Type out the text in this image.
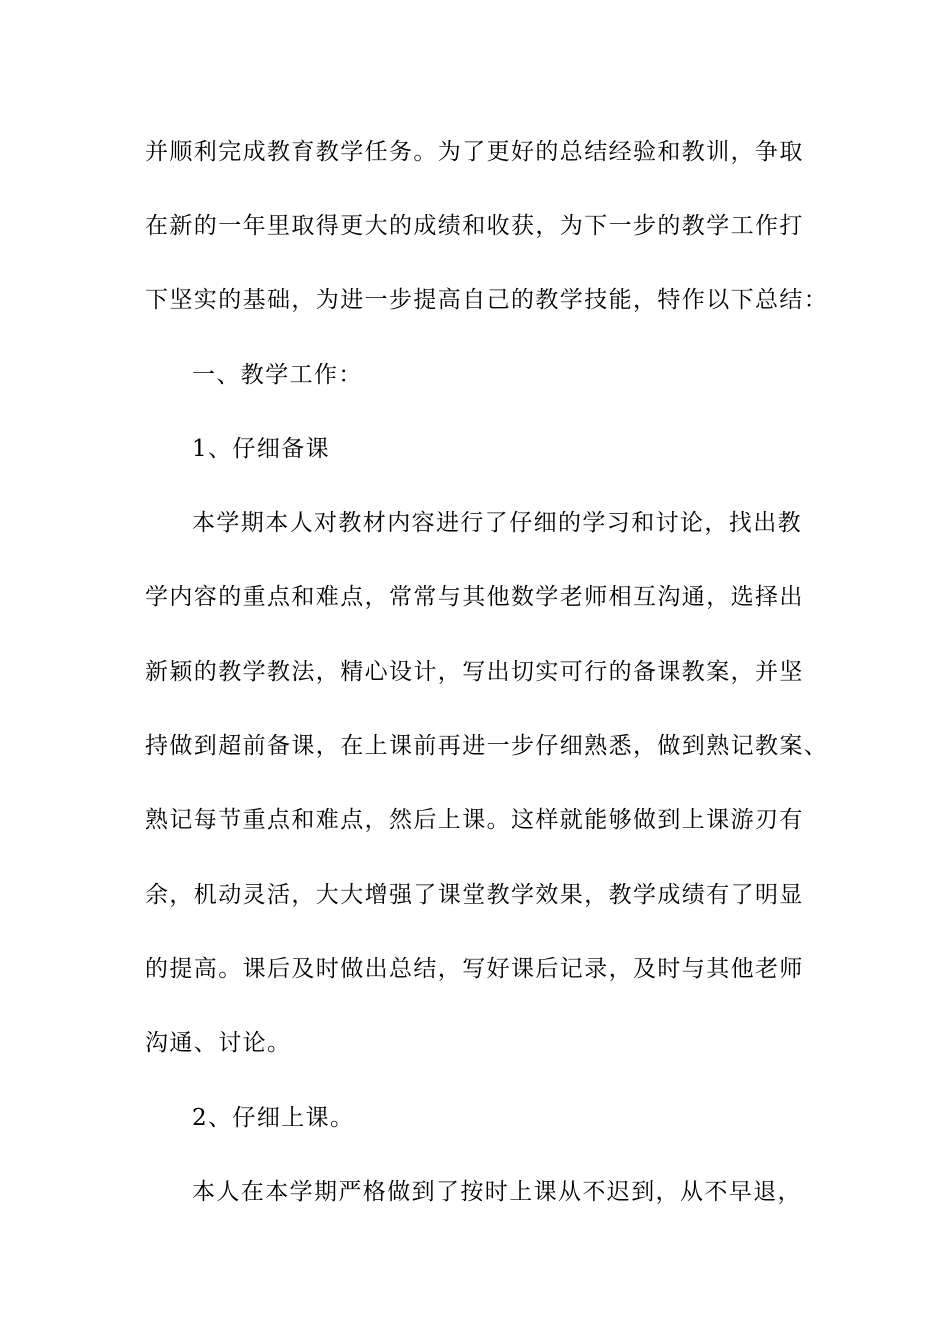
并顺利完成教育教学任务。为了更好的总结经验和教训，争取
在新的一年里取得更大的成绩和收获，为下一步的教学工作打
下坚实的基础，为进一步提高自己的教学技能，特作以下总结：
一、教学工作：
1、仔细备课
本学期本人对教材内容进行了仔细的学习和讨论，找出教
学内容的重点和难点，常常与其他数学老师相互沟通，选择出
新颖的教学教法，精心设计，写出切实可行的备课教案，并坚
持做到超前备课，在上课前再进一步仔细熟悉，做到熟记教案、
熟记每节重点和难点，然后上课。这样就能够做到上课游刃有
余，机动灵活，大大增强了课堂教学效果，教学成绩有了明显
的提高。课后及时做出总结，写好课后记录，及时与其他老师
沟通、讨论。
2、仔细上课。
本人在本学期严格做到了按时上课从不迟到，从不早退，
